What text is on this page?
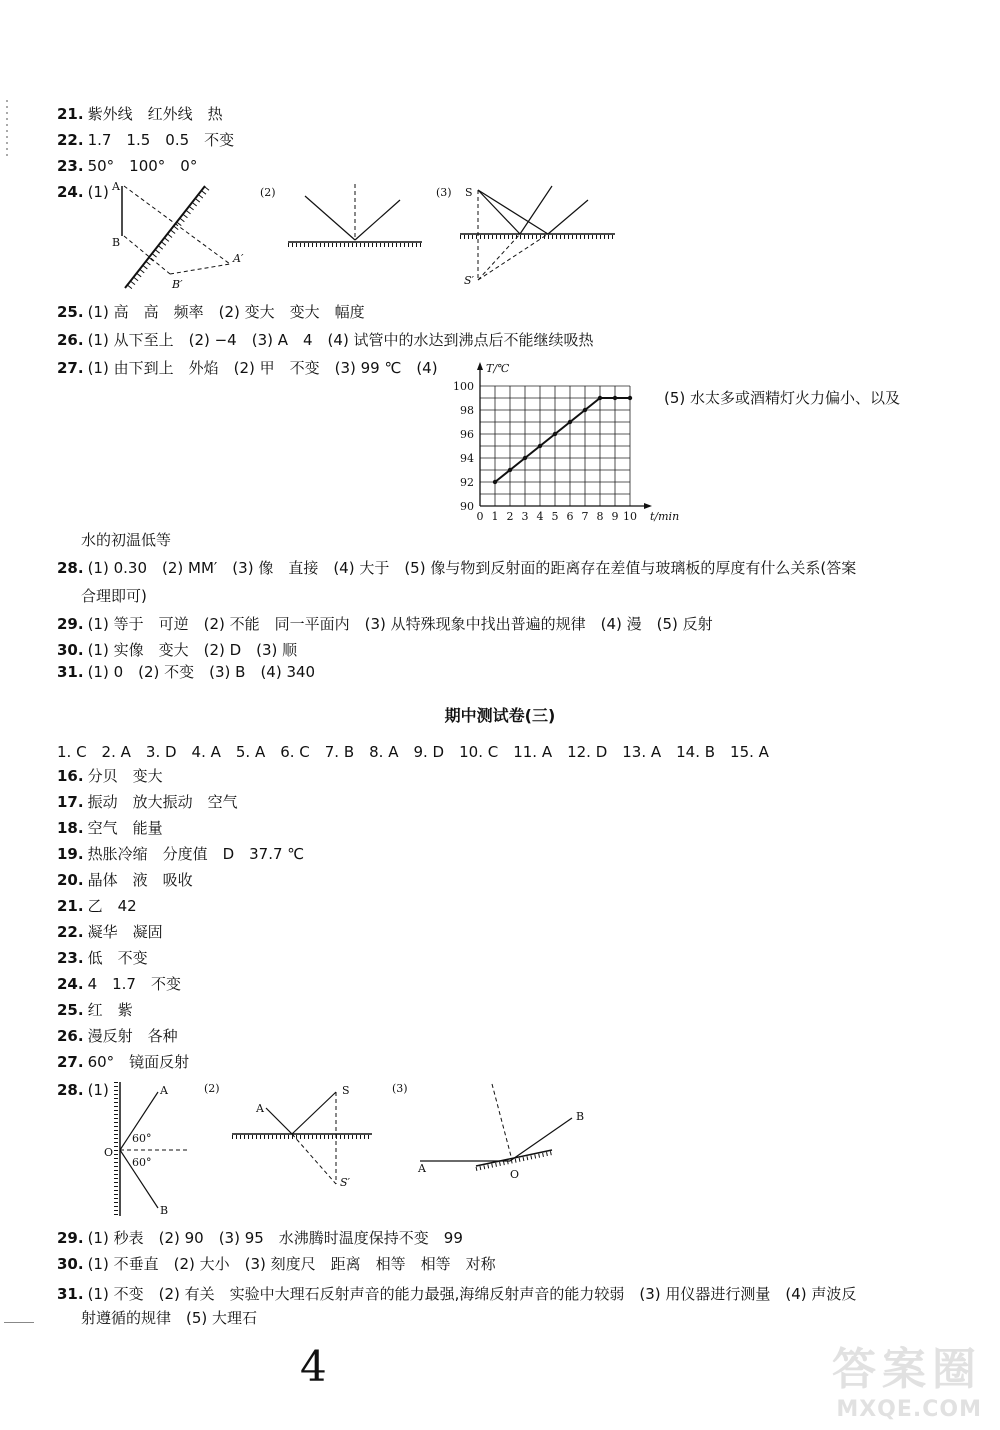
21. 紫外线　红外线　热
22. 1.7　1.5　0.5　不变
23. 50°　100°　0°
24. (1)
25. (1) 高　高　频率　(2) 变大　变大　幅度
26. (1) 从下至上　(2) −4　(3) A　4　(4) 试管中的水达到沸点后不能继续吸热
27. (1) 由下到上　外焰　(2) 甲　不变　(3) 99 ℃　(4)
水的初温低等
28. (1) 0.30　(2) MM′　(3) 像　直接　(4) 大于　(5) 像与物到反射面的距离存在差值与玻璃板的厚度有什么关系(答案
合理即可)
29. (1) 等于　可逆　(2) 不能　同一平面内　(3) 从特殊现象中找出普遍的规律　(4) 漫　(5) 反射
30. (1) 实像　变大　(2) D　(3) 顺
31. (1) 0　(2) 不变　(3) B　(4) 340
1. C　2. A　3. D　4. A　5. A　6. C　7. B　8. A　9. D　10. C　11. A　12. D　13. A　14. B　15. A
16. 分贝　变大
17. 振动　放大振动　空气
18. 空气　能量
19. 热胀冷缩　分度值　D　37.7 ℃
20. 晶体　液　吸收
21. 乙　42
22. 凝华　凝固
23. 低　不变
24. 4　1.7　不变
25. 红　紫
26. 漫反射　各种
27. 60°　镜面反射
28. (1)
29. (1) 秒表　(2) 90　(3) 95　水沸腾时温度保持不变　99
30. (1) 不垂直　(2) 大小　(3) 刻度尺　距离　相等　相等　对称
31. (1) 不变　(2) 有关　实验中大理石反射声音的能力最强,海绵反射声音的能力较弱　(3) 用仪器进行测量　(4) 声波反
射遵循的规律　(5) 大理石
(5) 水太多或酒精灯火力偏小、以及
期中测试卷(三)
A
B
A′
B′
(2)	(3) S
S′
90
92
94
96
98
100
0 1 2 3 4 5 6 7 8 9 10 t/min
T/℃
A
B
O
60°
60°
(2)	S
S′
A
(3)
A
B
O
4	答案圈
MXQE.COM
